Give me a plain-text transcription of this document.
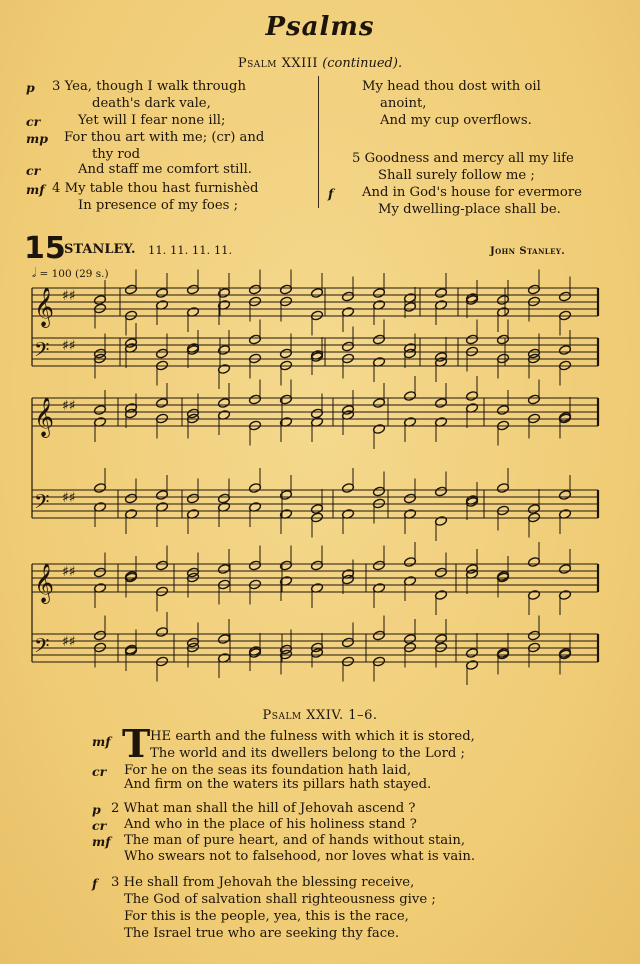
Psalms
Psalm XXIII (continued).
p 3 Yea, though I walk through
death's dark vale,
cr	Yet will I fear none ill;
mp For thou art with me; (cr) and
thy rod
cr	And staff me comfort still.
mf 4 My table thou hast furnishèd
In presence of my foes ;
My head thou dost with oil
anoint,
And my cup overflows.
5 Goodness and mercy all my life
Shall surely follow me ;
f And in God's house for evermore
My dwelling-place shall be.
15
STANLEY. 11. 11. 11. 11.	John Stanley.
𝅗𝅥 = 100 (29 s.)
𝄞 ♯♯
𝄢 ♯♯
𝄞 ♯♯
𝄢 ♯♯
𝄞 ♯♯
𝄢 ♯♯
Psalm XXIV. 1–6.
T
mf	HE earth and the fulness with which it is stored,
The world and its dwellers belong to the Lord ;
cr For he on the seas its foundation hath laid,
And firm on the waters its pillars hath stayed.
p 2 What man shall the hill of Jehovah ascend ?
cr And who in the place of his holiness stand ?
mf The man of pure heart, and of hands without stain,
Who swears not to falsehood, nor loves what is vain.
f 3 He shall from Jehovah the blessing receive,
The God of salvation shall righteousness give ;
For this is the people, yea, this is the race,
The Israel true who are seeking thy face.
